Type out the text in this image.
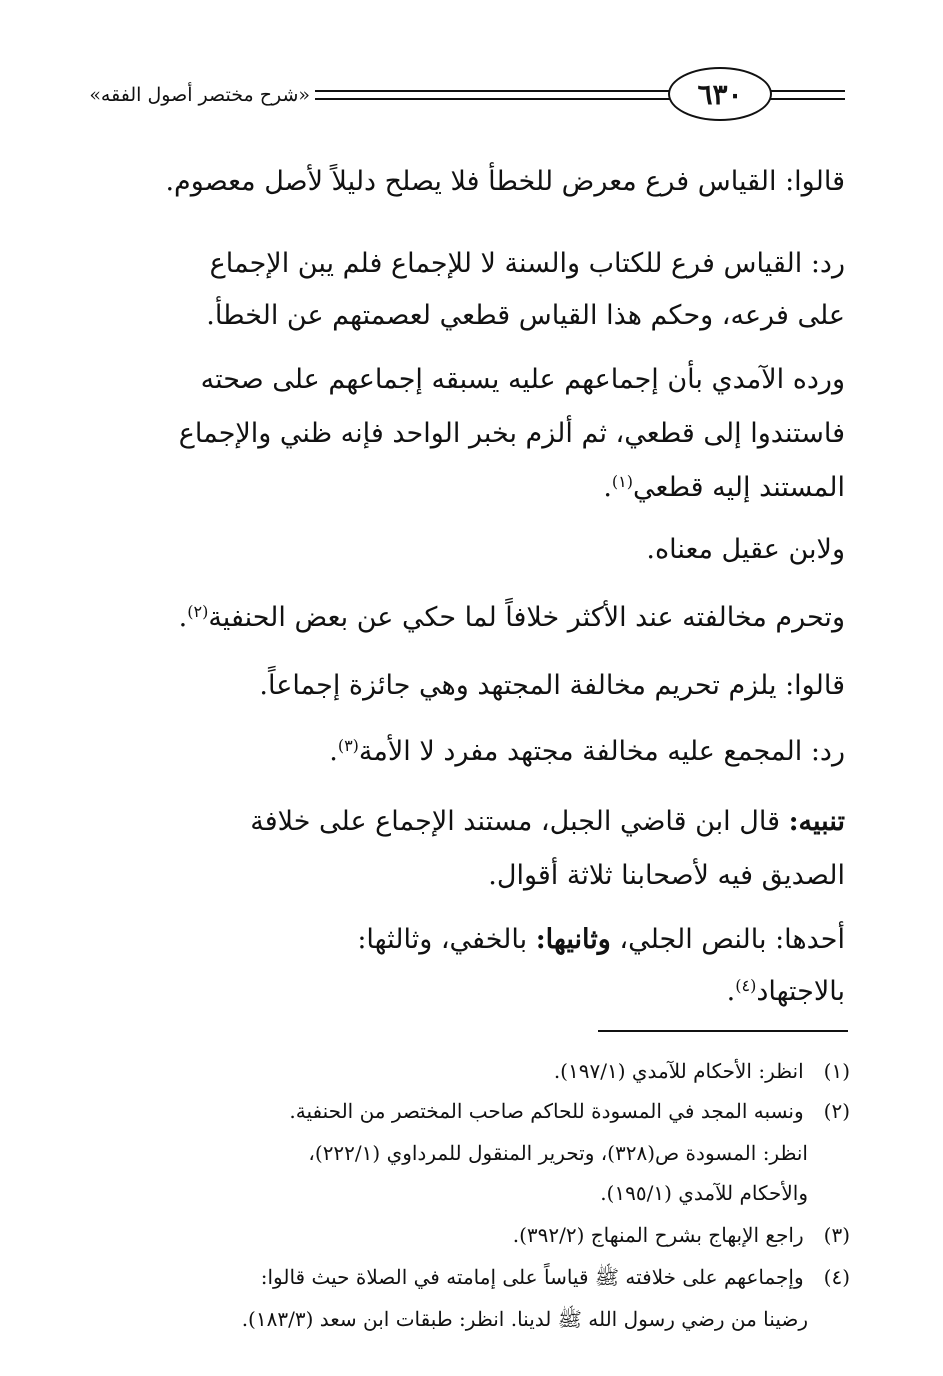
«شرح مختصر أصول الفقه»	٦٣٠

قالوا: القياس فرع معرض للخطأ فلا يصلح دليلاً لأصل معصوم.

رد: القياس فرع للكتاب والسنة لا للإجماع فلم يبن الإجماع

على فرعه، وحكم هذا القياس قطعي لعصمتهم عن الخطأ.

ورده الآمدي بأن إجماعهم عليه يسبقه إجماعهم على صحته

فاستندوا إلى قطعي، ثم ألزم بخبر الواحد فإنه ظني والإجماع

المستند إليه قطعي$^{(١)}$.

ولابن عقيل معناه.

وتحرم مخالفته عند الأكثر خلافاً لما حكي عن بعض الحنفية$^{(٢)}$.

قالوا: يلزم تحريم مخالفة المجتهد وهي جائزة إجماعاً.

رد: المجمع عليه مخالفة مجتهد مفرد لا الأمة$^{(٣)}$.

تنبيه: قال ابن قاضي الجبل، مستند الإجماع على خلافة

الصديق فيه لأصحابنا ثلاثة أقوال.

أحدها: بالنص الجلي، وثانيها: بالخفي، وثالثها:

بالاجتهاد$^{(٤)}$.

(١) انظر: الأحكام للآمدي (١٩٧/١).
(٢) ونسبه المجد في المسودة للحاكم صاحب المختصر من الحنفية.
انظر: المسودة ص(٣٢٨)، وتحرير المنقول للمرداوي (٢٢٢/١)،
والأحكام للآمدي (١٩٥/١).
(٣) راجع الإبهاج بشرح المنهاج (٣٩٢/٢).
(٤) وإجماعهم على خلافته ﷺ قياساً على إمامته في الصلاة حيث قالوا:
رضينا من رضي رسول الله ﷺ لدينا. انظر: طبقات ابن سعد (١٨٣/٣).
